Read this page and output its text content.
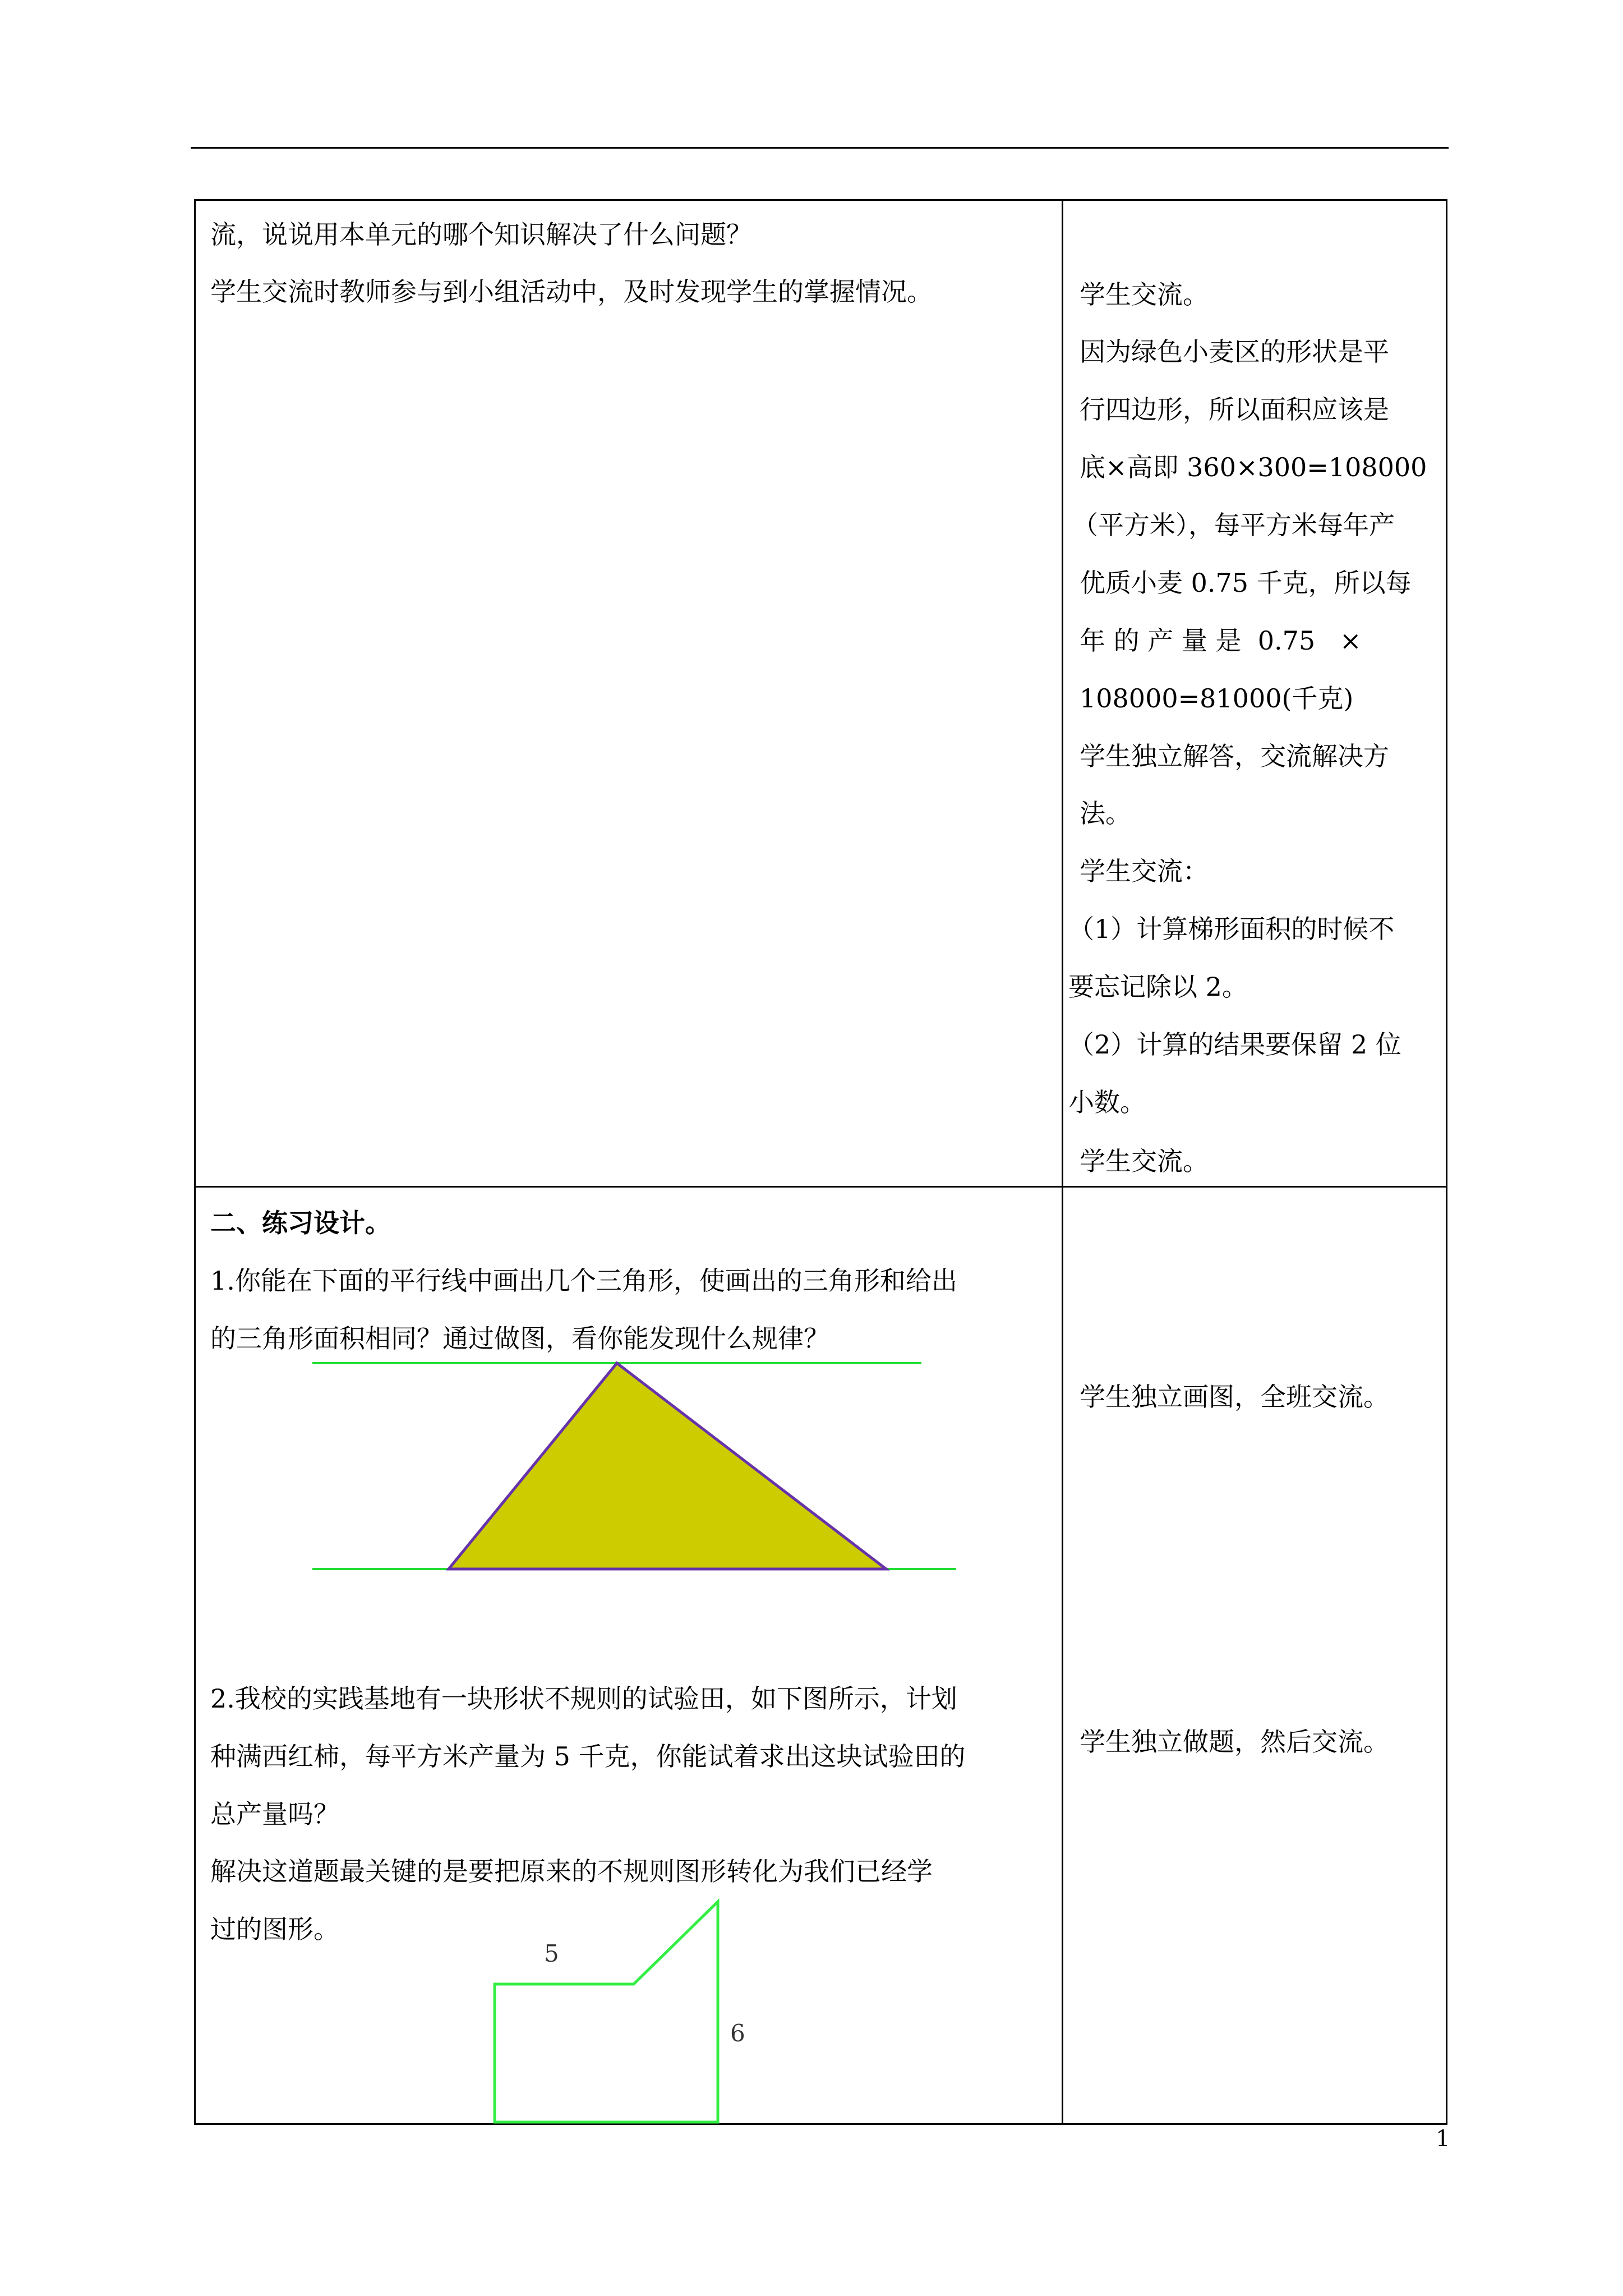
流，说说用本单元的哪个知识解决了什么问题？
学生交流时教师参与到小组活动中，及时发现学生的掌握情况。	学生交流。
因为绿色小麦区的形状是平
行四边形，所以面积应该是
底×高即 360×300=108000
（平方米），每平方米每年产
优质小麦 0.75 千克，所以每
年 的 产 量 是  0.75   ×
108000=81000(千克)
学生独立解答，交流解决方
法。
学生交流：
（1）计算梯形面积的时候不
要忘记除以 2。
（2）计算的结果要保留 2 位
小数。
学生交流。
二、练习设计。
1.你能在下面的平行线中画出几个三角形，使画出的三角形和给出
的三角形面积相同？通过做图，看你能发现什么规律？
2.我校的实践基地有一块形状不规则的试验田，如下图所示，计划
种满西红柿，每平方米产量为 5 千克，你能试着求出这块试验田的
总产量吗？
解决这道题最关键的是要把原来的不规则图形转化为我们已经学
过的图形。
5
6
学生独立画图，全班交流。
学生独立做题，然后交流。
1
